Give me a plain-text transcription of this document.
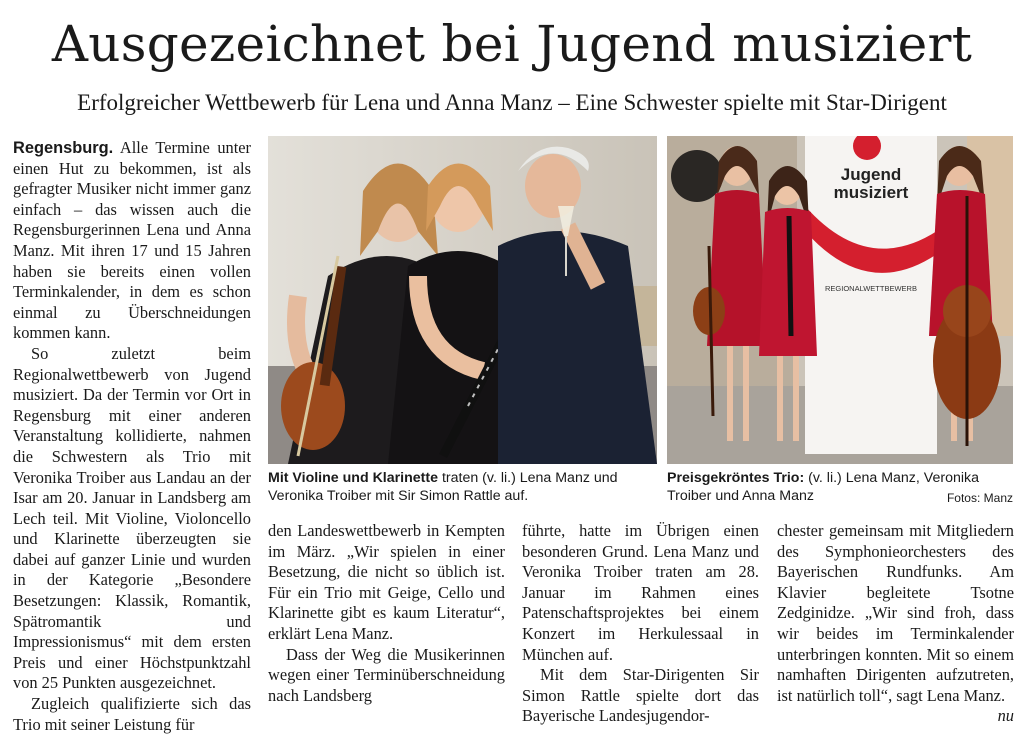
Ausgezeichnet bei Jugend musiziert
Erfolgreicher Wettbewerb für Lena und Anna Manz – Eine Schwester spielte mit Star-Dirigent

Regensburg. Alle Termine unter einen Hut zu bekommen, ist als gefragter Musiker nicht immer ganz einfach – das wissen auch die Regensburgerinnen Lena und Anna Manz. Mit ihren 17 und 15 Jahren haben sie bereits einen vollen Terminkalender, in dem es schon einmal zu Überschneidungen kommen kann.

So zuletzt beim Regionalwettbewerb von Jugend musiziert. Da der Termin vor Ort in Regensburg mit einer anderen Veranstaltung kollidierte, nahmen die Schwestern als Trio mit Veronika Troiber aus Landau an der Isar am 20. Januar in Landsberg am Lech teil. Mit Violine, Violoncello und Klarinette überzeugten sie dabei auf ganzer Linie und wurden in der Kategorie „Besondere Besetzungen: Klassik, Romantik, Spätromantik und Impressionismus“ mit dem ersten Preis und einer Höchstpunktzahl von 25 Punkten ausgezeichnet.

Zugleich qualifizierte sich das Trio mit seiner Leistung für

Jugend
musiziert
REGIONALWETTBEWERB
Mit Violine und Klarinette traten (v. li.) Lena Manz und Veronika Troiber mit Sir Simon Rattle auf.
Preisgekröntes Trio: (v. li.) Lena Manz, Veronika Troiber und Anna Manz	Fotos: Manz

den Landeswettbewerb in Kempten im März. „Wir spielen in einer Besetzung, die nicht so üblich ist. Für ein Trio mit Geige, Cello und Klarinette gibt es kaum Literatur“, erklärt Lena Manz.

Dass der Weg die Musikerinnen wegen einer Terminüberschneidung nach Landsberg

führte, hatte im Übrigen einen besonderen Grund. Lena Manz und Veronika Troiber traten am 28. Januar im Rahmen eines Patenschaftsprojektes bei einem Konzert im Herkulessaal in München auf.

Mit dem Star-Dirigenten Sir Simon Rattle spielte dort das Bayerische Landesjugendor-

chester gemeinsam mit Mitgliedern des Symphonieorchesters des Bayerischen Rundfunks. Am Klavier begleitete Tsotne Zedginidze. „Wir sind froh, dass wir beides im Terminkalender unterbringen konnten. Mit so einem namhaften Dirigenten aufzutreten, ist natürlich toll“, sagt Lena Manz.
nu
